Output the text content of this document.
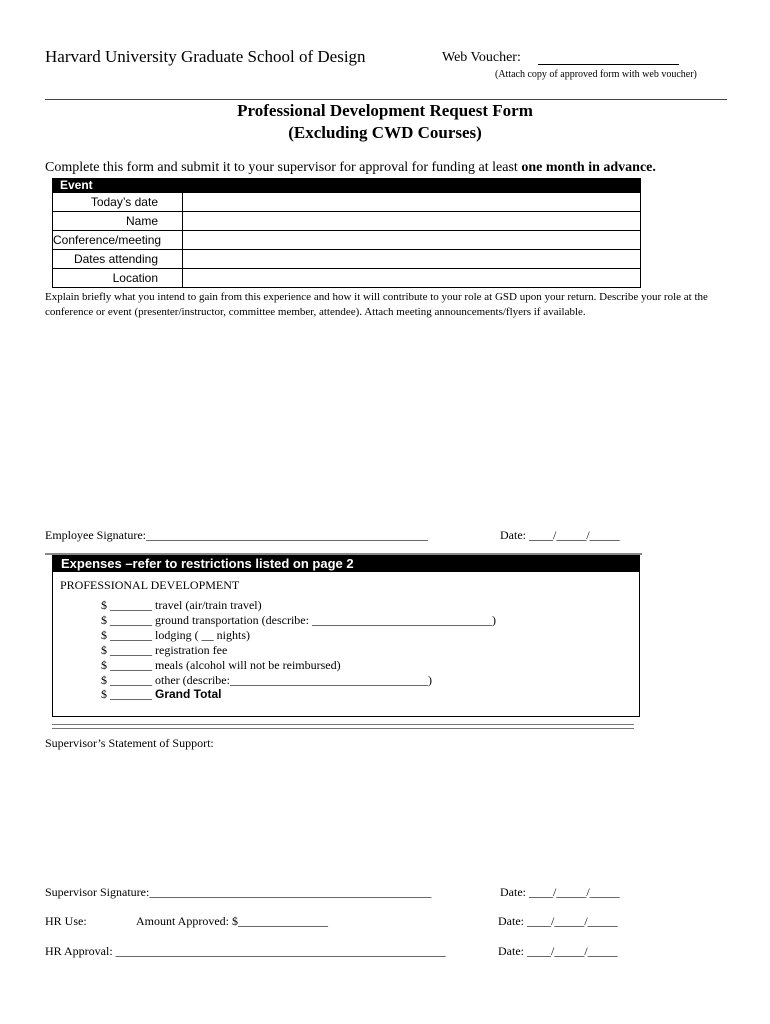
Harvard University Graduate School of Design	Web Voucher:
(Attach copy of approved form with web voucher)
Professional Development Request Form
(Excluding CWD Courses)
Complete this form and submit it to your supervisor for approval for funding at least one month in advance.
Event
Today’s date
Name
Conference/meeting
Dates attending
Location
Explain briefly what you intend to gain from this experience and how it will contribute to your role at GSD upon your return. Describe your role at the conference or event (presenter/instructor, committee member, attendee). Attach meeting announcements/flyers if available.
Employee Signature:_______________________________________________	Date: ____/_____/_____
Expenses –refer to restrictions listed on page 2
PROFESSIONAL DEVELOPMENT
$ _______ travel (air/train travel)
$ _______ ground transportation (describe: ______________________________)
$ _______ lodging ( __ nights)
$ _______ registration fee
$ _______ meals (alcohol will not be reimbursed)
$ _______ other (describe:_________________________________)
$ _______ Grand Total
Supervisor’s Statement of Support:
Supervisor Signature:_______________________________________________	Date: ____/_____/_____
HR Use:	Amount Approved: $_______________	Date: ____/_____/_____
HR Approval: _______________________________________________________	Date: ____/_____/_____
